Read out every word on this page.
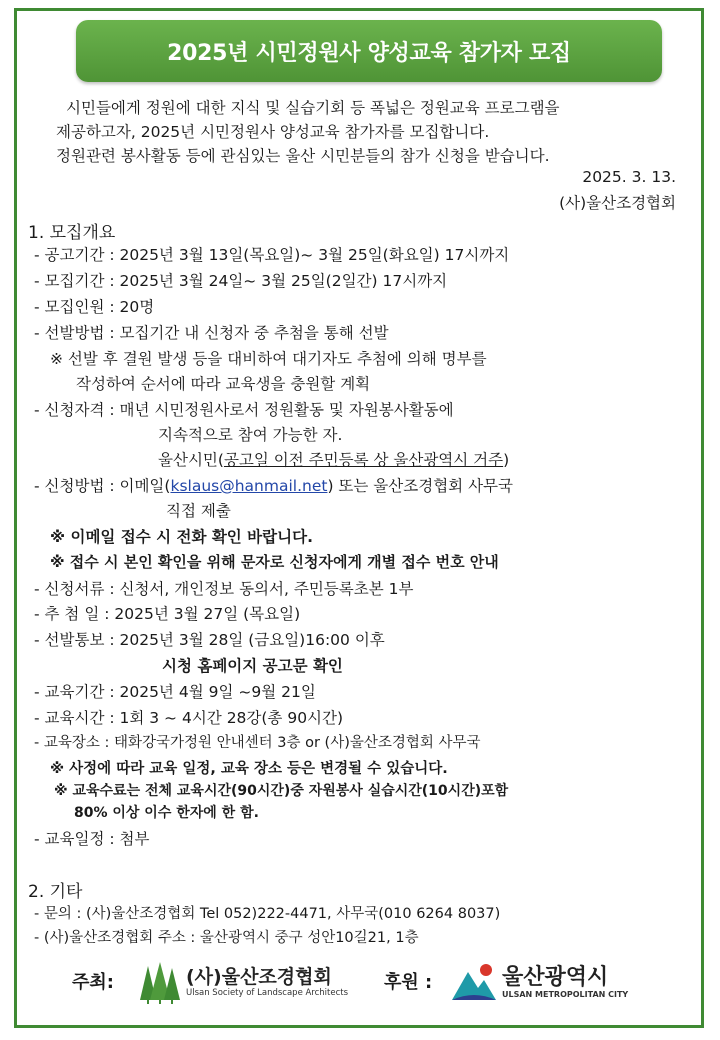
2025년 시민정원사 양성교육 참가자 모집
시민들에게 정원에 대한 지식 및 실습기회 등 폭넓은 정원교육 프로그램을
제공하고자, 2025년 시민정원사 양성교육 참가자를 모집합니다.
정원관련 봉사활동 등에 관심있는 울산 시민분들의 참가 신청을 받습니다.
2025. 3. 13.
(사)울산조경협회
1. 모집개요
- 공고기간 : 2025년 3월 13일(목요일)~ 3월 25일(화요일) 17시까지
- 모집기간 : 2025년 3월 24일~ 3월 25일(2일간) 17시까지
- 모집인원 : 20명
- 선발방법 : 모집기간 내 신청자 중 추첨을 통해 선발
※ 선발 후 결원 발생 등을 대비하여 대기자도 추첨에 의해 명부를
작성하여 순서에 따라 교육생을 충원할 계획
- 신청자격 : 매년 시민정원사로서 정원활동 및 자원봉사활동에
지속적으로 참여 가능한 자.
울산시민(공고일 이전 주민등록 상 울산광역시 거주)
- 신청방법 : 이메일(kslaus@hanmail.net) 또는 울산조경협회 사무국
직접 제출
※ 이메일 접수 시 전화 확인 바랍니다.
※ 접수 시 본인 확인을 위해 문자로 신청자에게 개별 접수 번호 안내
- 신청서류 : 신청서, 개인정보 동의서, 주민등록초본 1부
- 추 첨 일 : 2025년 3월 27일 (목요일)
- 선발통보 : 2025년 3월 28일 (금요일)16:00 이후
시청 홈페이지 공고문 확인
- 교육기간 : 2025년 4월 9일 ~9월 21일
- 교육시간 : 1회 3 ~ 4시간 28강(총 90시간)
- 교육장소 : 태화강국가정원 안내센터 3층 or (사)울산조경협회 사무국
※ 사정에 따라 교육 일정, 교육 장소 등은 변경될 수 있습니다.
※ 교육수료는 전체 교육시간(90시간)중 자원봉사 실습시간(10시간)포함
80% 이상 이수 한자에 한 함.
- 교육일정 : 첨부
2. 기타
- 문의 : (사)울산조경협회 Tel 052)222-4471, 사무국(010 6264 8037)
- (사)울산조경협회 주소 : 울산광역시 중구 성안10길21, 1층
주최:	(사)울산조경협회
Ulsan Society of Landscape Architects 후원 :	울산광역시
ULSAN METROPOLITAN CITY
